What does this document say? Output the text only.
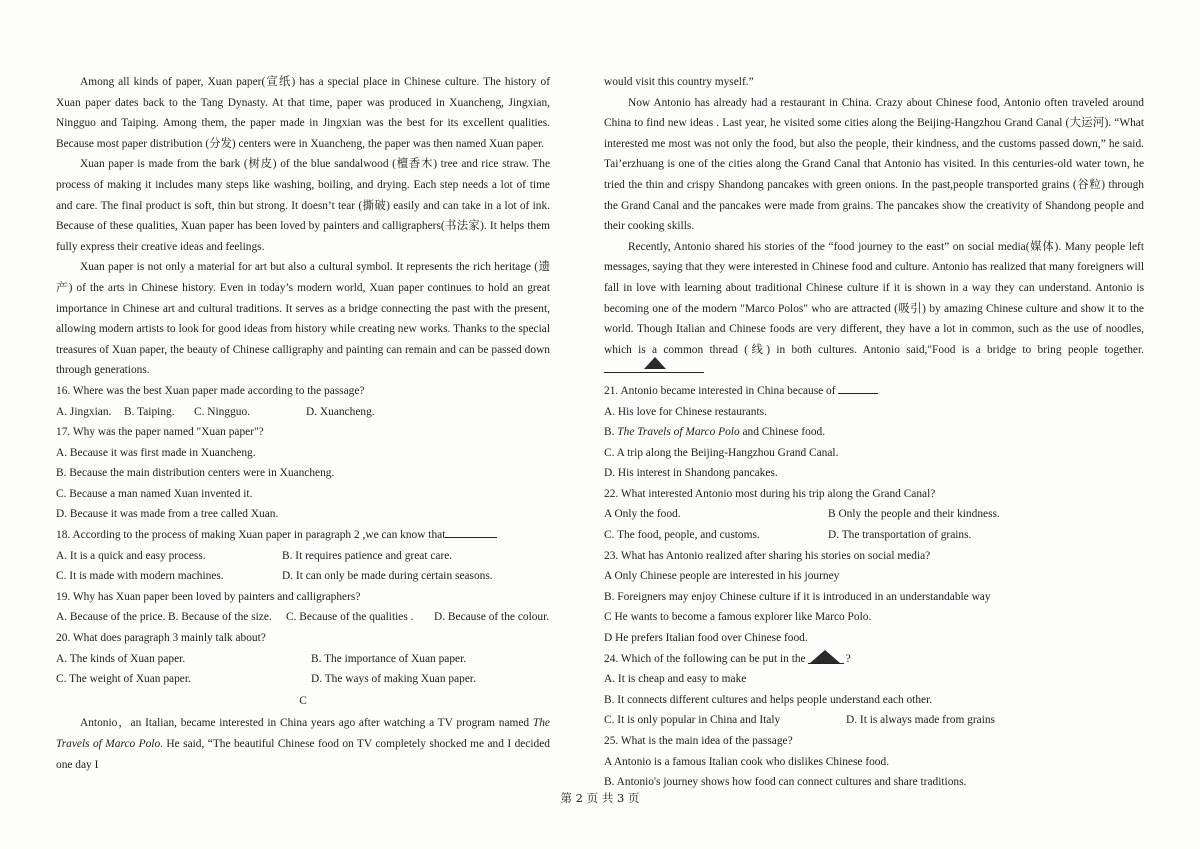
Among all kinds of paper, Xuan paper(宣纸) has a special place in Chinese culture. The history of Xuan paper dates back to the Tang Dynasty. At that time, paper was produced in Xuancheng, Jingxian, Ningguo and Taiping. Among them, the paper made in Jingxian was the best for its excellent qualities. Because most paper distribution (分发) centers were in Xuancheng, the paper was then named Xuan paper.

Xuan paper is made from the bark (树皮) of the blue sandalwood (檀香木) tree and rice straw. The process of making it includes many steps like washing, boiling, and drying. Each step needs a lot of time and care. The final product is soft, thin but strong. It doesn’t tear (撕破) easily and can take in a lot of ink. Because of these qualities, Xuan paper has been loved by painters and calligraphers(书法家). It helps them fully express their creative ideas and feelings.

Xuan paper is not only a material for art but also a cultural symbol. It represents the rich heritage (遗产) of the arts in Chinese history. Even in today’s modern world, Xuan paper continues to hold an great importance in Chinese art and cultural traditions. It serves as a bridge connecting the past with the present, allowing modern artists to look for good ideas from history while creating new works. Thanks to the special treasures of Xuan paper, the beauty of Chinese calligraphy and painting can remain and can be passed down through generations.

16. Where was the best Xuan paper made according to the passage?

A. Jingxian.	B. Taiping.	C. Ningguo.	D. Xuancheng.

17. Why was the paper named "Xuan paper"?

A. Because it was first made in Xuancheng.

B. Because the main distribution centers were in Xuancheng.

C. Because a man named Xuan invented it.

D. Because it was made from a tree called Xuan.

18. According to the process of making Xuan paper in paragraph 2 ,we can know that

A. It is a quick and easy process.	B. It requires patience and great care.
C. It is made with modern machines.	D. It can only be made during certain seasons.

19. Why has Xuan paper been loved by painters and calligraphers?

A. Because of the price. B. Because of the size.	C. Because of the qualities .	D. Because of the colour.

20. What does paragraph 3 mainly talk about?

A. The kinds of Xuan paper.	B. The importance of Xuan paper.
C. The weight of Xuan paper.	D. The ways of making Xuan paper.

C

Antonio，an Italian, became interested in China years ago after watching a TV program named The Travels of Marco Polo. He said, “The beautiful Chinese food on TV completely shocked me and I decided one day I

would visit this country myself.”

Now Antonio has already had a restaurant in China. Crazy about Chinese food, Antonio often traveled around China to find new ideas . Last year, he visited some cities along the Beijing-Hangzhou Grand Canal (大运河). “What interested me most was not only the food, but also the people, their kindness, and the customs passed down,” he said. Tai’erzhuang is one of the cities along the Grand Canal that Antonio has visited. In this centuries-old water town, he tried the thin and crispy Shandong pancakes with green onions. In the past,people transported grains (谷粒) through the Grand Canal and the pancakes were made from grains. The pancakes show the creativity of Shandong people and their cooking skills.

Recently, Antonio shared his stories of the “food journey to the east” on social media(媒体). Many people left messages, saying that they were interested in Chinese food and culture. Antonio has realized that many foreigners will fall in love with learning about traditional Chinese culture if it is shown in a way they can understand. Antonio is becoming one of the modern "Marco Polos" who are attracted (吸引) by amazing Chinese culture and show it to the world. Though Italian and Chinese foods are very different, they have a lot in common, such as the use of noodles, which is a common thread (线) in both cultures. Antonio said,"Food is a bridge to bring people together.

21. Antonio became interested in China because of

A. His love for Chinese restaurants.

B. The Travels of Marco Polo and Chinese food.

C. A trip along the Beijing-Hangzhou Grand Canal.

D. His interest in Shandong pancakes.

22. What interested Antonio most during his trip along the Grand Canal?

A Only the food.	B Only the people and their kindness.
C. The food, people, and customs.	D. The transportation of grains.

23. What has Antonio realized after sharing his stories on social media?

A Only Chinese people are interested in his journey

B. Foreigners may enjoy Chinese culture if it is introduced in an understandable way

C He wants to become a famous explorer like Marco Polo.

D He prefers Italian food over Chinese food.

24. Which of the following can be put in the	?

A. It is cheap and easy to make

B. It connects different cultures and helps people understand each other.

C. It is only popular in China and Italy	D. It is always made from grains

25. What is the main idea of the passage?

A Antonio is a famous Italian cook who dislikes Chinese food.

B. Antonio's journey shows how food can connect cultures and share traditions.

第 2 页 共 3 页
